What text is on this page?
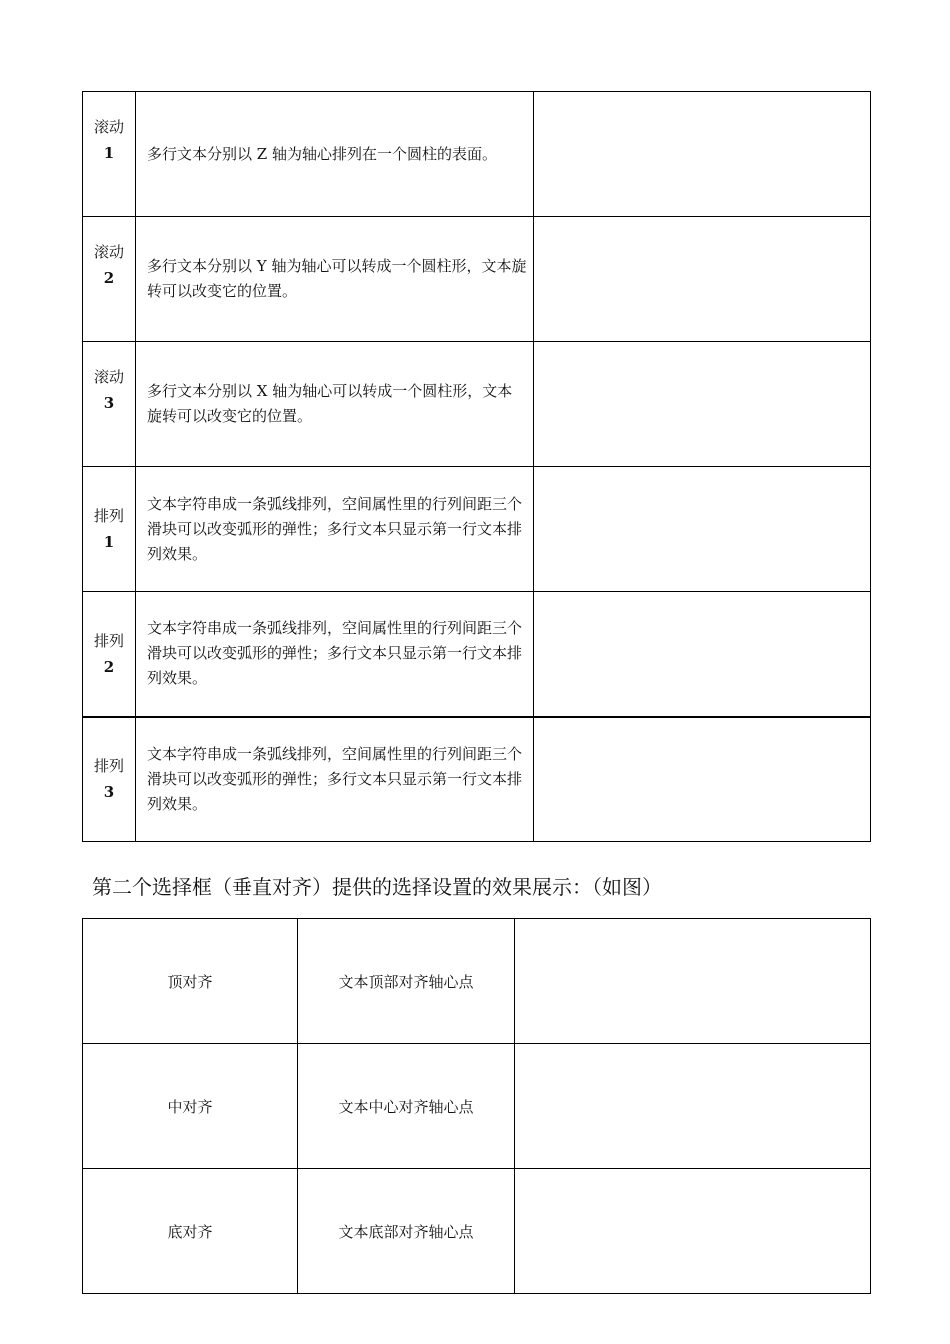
滚动
1	多行文本分别以 Z 轴为轴心排列在一个圆柱的表面。	
滚动
2	多行文本分别以 Y 轴为轴心可以转成一个圆柱形，文本旋转可以改变它的位置。	
滚动
3	多行文本分别以 X 轴为轴心可以转成一个圆柱形，文本旋转可以改变它的位置。	
排列
1	文本字符串成一条弧线排列，空间属性里的行列间距三个滑块可以改变弧形的弹性；多行文本只显示第一行文本排列效果。	
排列
2	文本字符串成一条弧线排列，空间属性里的行列间距三个滑块可以改变弧形的弹性；多行文本只显示第一行文本排列效果。	
排列
3	文本字符串成一条弧线排列，空间属性里的行列间距三个滑块可以改变弧形的弹性；多行文本只显示第一行文本排列效果。	

第二个选择框（垂直对齐）提供的选择设置的效果展示：（如图）

顶对齐	文本顶部对齐轴心点	
中对齐	文本中心对齐轴心点	
底对齐	文本底部对齐轴心点	
